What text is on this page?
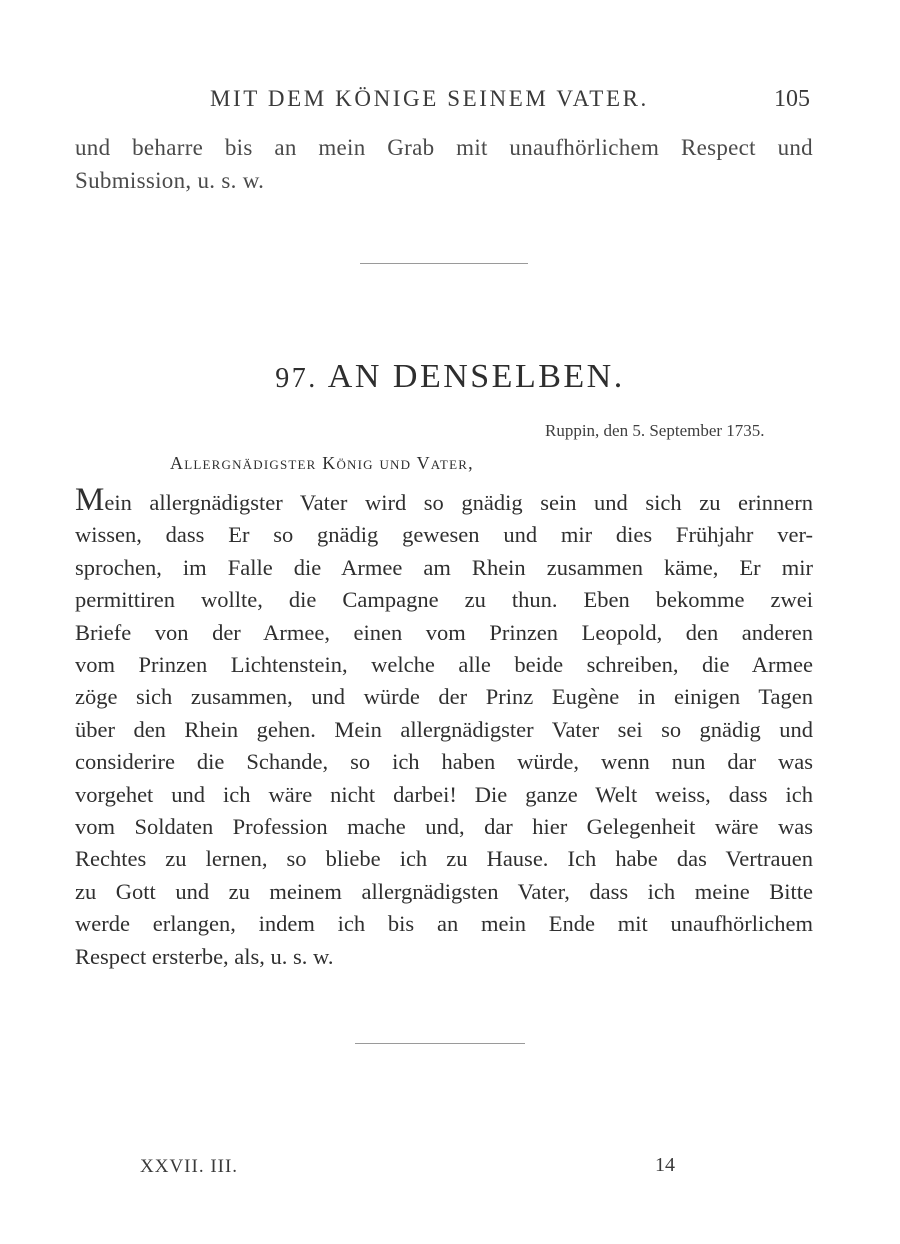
MIT DEM KÖNIGE SEINEM VATER.	105
und beharre bis an mein Grab mit unaufhörlichem Respect und
Submission, u. s. w.
97. AN DENSELBEN.
Ruppin, den 5. September 1735.
Allergnädigster König und Vater,
Mein allergnädigster Vater wird so gnädig sein und sich zu erinnern
wissen, dass Er so gnädig gewesen und mir dies Frühjahr ver-
sprochen, im Falle die Armee am Rhein zusammen käme, Er mir
permittiren wollte, die Campagne zu thun. Eben bekomme zwei
Briefe von der Armee, einen vom Prinzen Leopold, den anderen
vom Prinzen Lichtenstein, welche alle beide schreiben, die Armee
zöge sich zusammen, und würde der Prinz Eugène in einigen Tagen
über den Rhein gehen. Mein allergnädigster Vater sei so gnädig und
considerire die Schande, so ich haben würde, wenn nun dar was
vorgehet und ich wäre nicht darbei! Die ganze Welt weiss, dass ich
vom Soldaten Profession mache und, dar hier Gelegenheit wäre was
Rechtes zu lernen, so bliebe ich zu Hause. Ich habe das Vertrauen
zu Gott und zu meinem allergnädigsten Vater, dass ich meine Bitte
werde erlangen, indem ich bis an mein Ende mit unaufhörlichem
Respect ersterbe, als, u. s. w.
XXVII. III.	14
